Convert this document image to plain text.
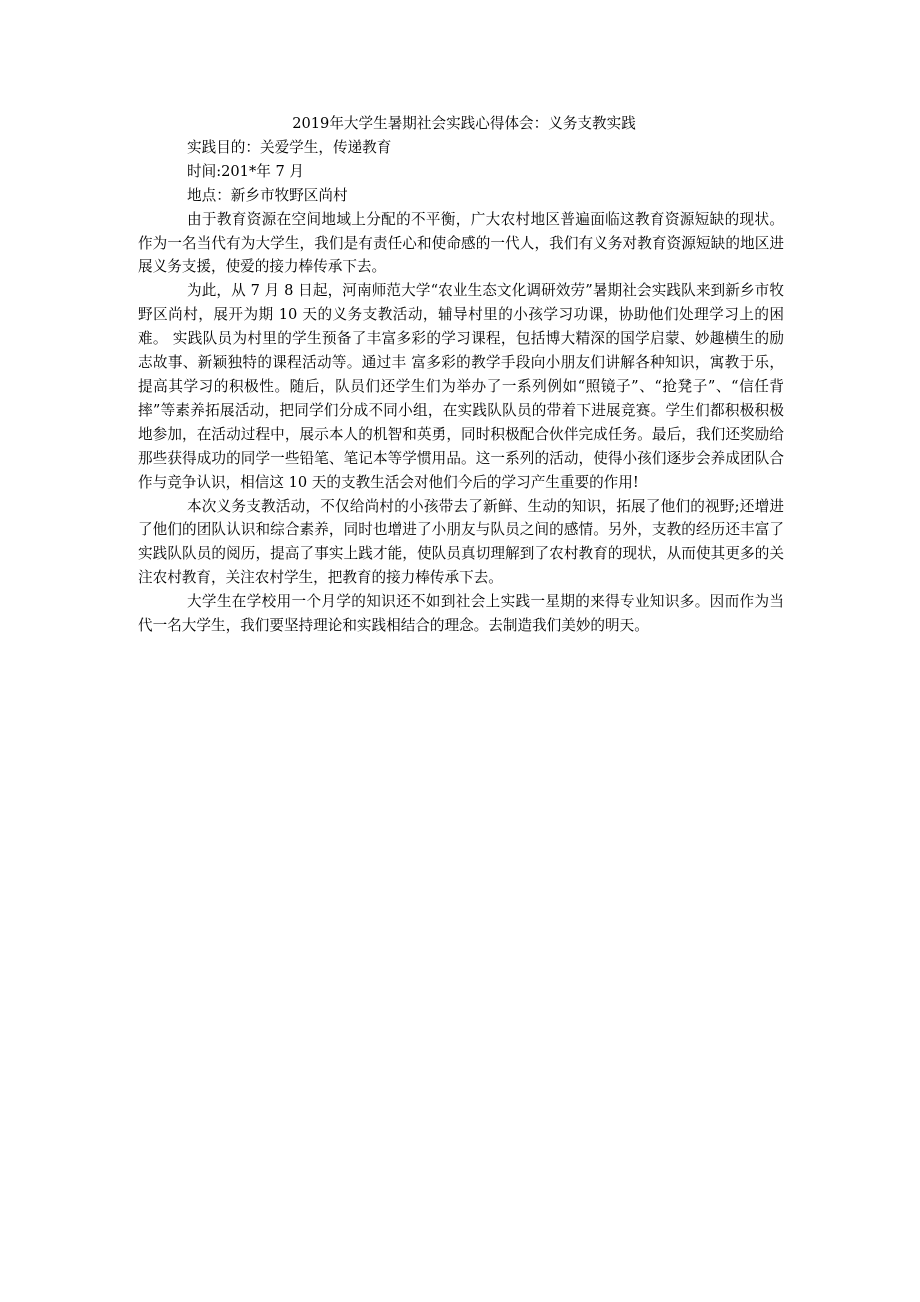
2019年大学生暑期社会实践心得体会：义务支教实践

实践目的：关爱学生，传递教育

时间:201*年 7 月

地点：新乡市牧野区尚村

由于教育资源在空间地域上分配的不平衡，广大农村地区普遍面临这教育资源短缺的现状。作为一名当代有为大学生，我们是有责任心和使命感的一代人，我们有义务对教育资源短缺的地区进展义务支援，使爱的接力棒传承下去。

为此，从 7 月 8 日起，河南师范大学“农业生态文化调研效劳”暑期社会实践队来到新乡市牧野区尚村，展开为期 10 天的义务支教活动，辅导村里的小孩学习功课，协助他们处理学习上的困难。 实践队员为村里的学生预备了丰富多彩的学习课程，包括博大精深的国学启蒙、妙趣横生的励志故事、新颖独特的课程活动等。通过丰 富多彩的教学手段向小朋友们讲解各种知识，寓教于乐，提高其学习的积极性。随后，队员们还学生们为举办了一系列例如“照镜子”、“抢凳子”、“信任背摔”等素养拓展活动，把同学们分成不同小组，在实践队队员的带着下进展竞赛。学生们都积极积极地参加，在活动过程中，展示本人的机智和英勇，同时积极配合伙伴完成任务。最后，我们还奖励给那些获得成功的同学一些铅笔、笔记本等学惯用品。这一系列的活动，使得小孩们逐步会养成团队合作与竞争认识，相信这 10 天的支教生活会对他们今后的学习产生重要的作用!

本次义务支教活动，不仅给尚村的小孩带去了新鲜、生动的知识，拓展了他们的视野;还增进了他们的团队认识和综合素养，同时也增进了小朋友与队员之间的感情。另外，支教的经历还丰富了实践队队员的阅历，提高了事实上践才能，使队员真切理解到了农村教育的现状，从而使其更多的关注农村教育，关注农村学生，把教育的接力棒传承下去。

大学生在学校用一个月学的知识还不如到社会上实践一星期的来得专业知识多。因而作为当代一名大学生，我们要坚持理论和实践相结合的理念。去制造我们美妙的明天。
